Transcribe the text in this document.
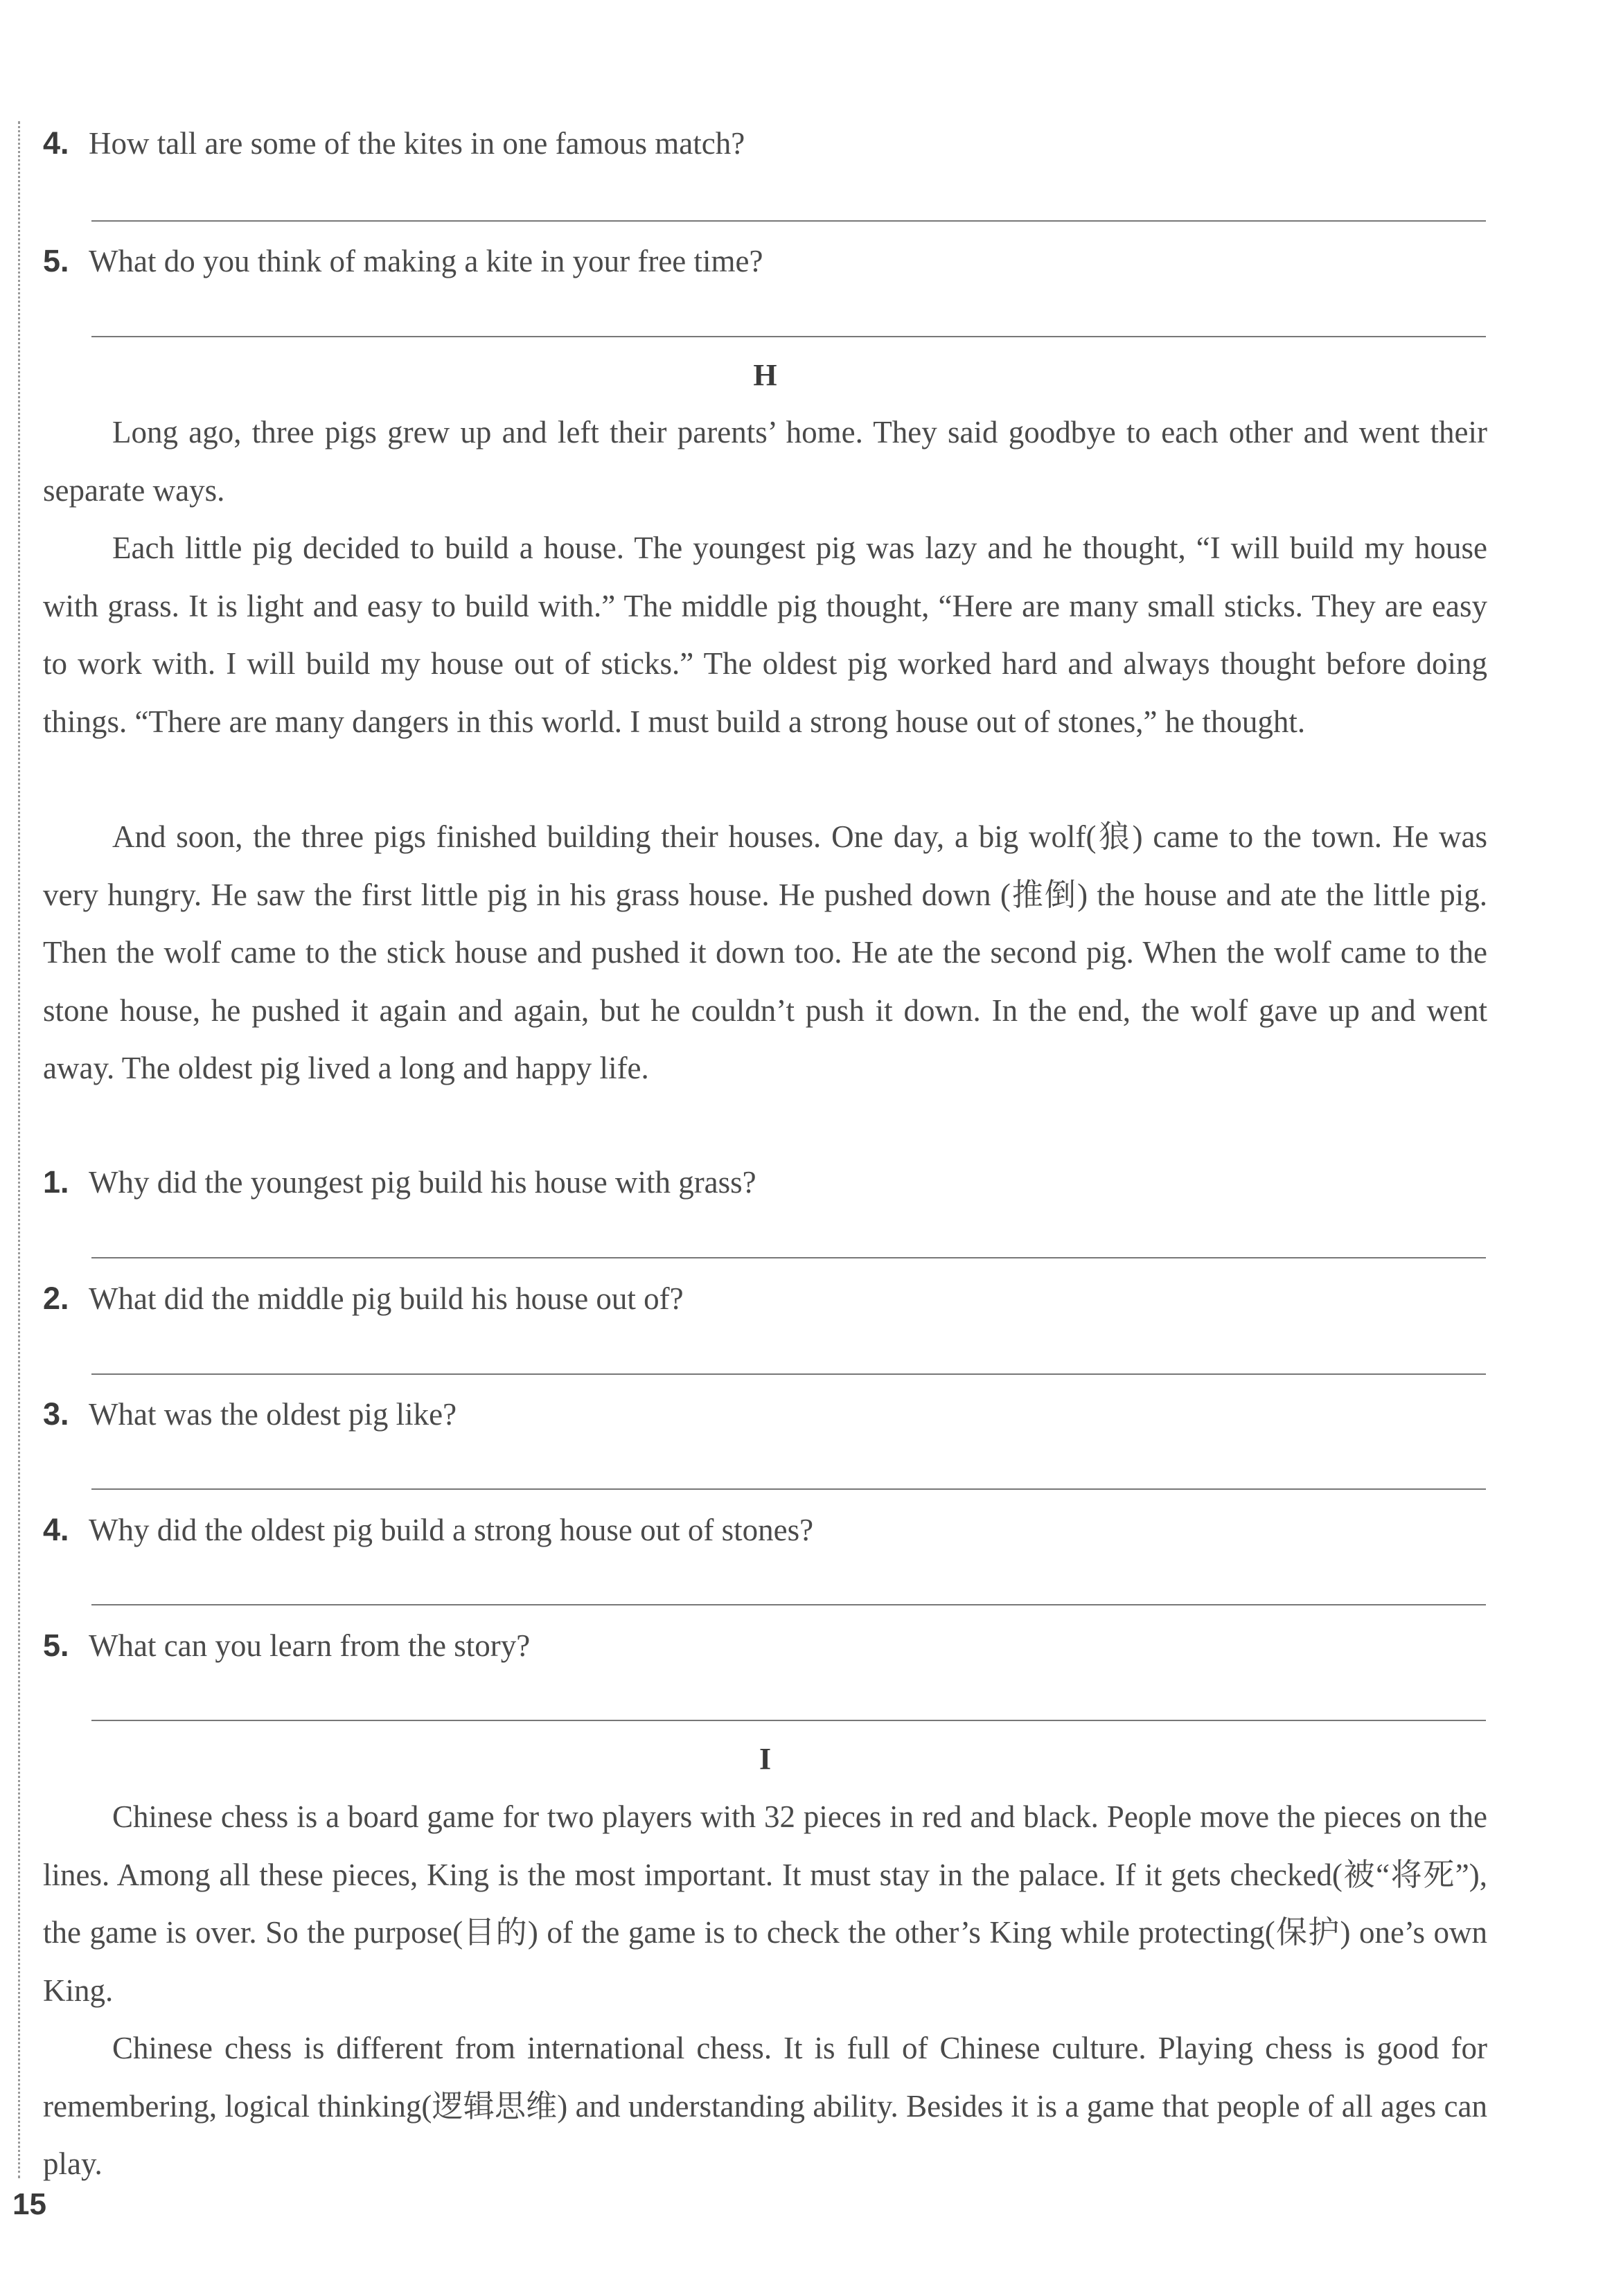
4. How tall are some of the kites in one famous match?
5. What do you think of making a kite in your free time?
H

Long ago, three pigs grew up and left their parents’ home. They said goodbye to each other and went their separate ways.

Each little pig decided to build a house. The youngest pig was lazy and he thought, “I will build my house with grass. It is light and easy to build with.” The middle pig thought, “Here are many small sticks. They are easy to work with. I will build my house out of sticks.” The oldest pig worked hard and always thought before doing things. “There are many dangers in this world. I must build a strong house out of stones,” he thought.

And soon, the three pigs finished building their houses. One day, a big wolf(狼) came to the town. He was very hungry. He saw the first little pig in his grass house. He pushed down (推倒) the house and ate the little pig. Then the wolf came to the stick house and pushed it down too. He ate the second pig. When the wolf came to the stone house, he pushed it again and again, but he couldn’t push it down. In the end, the wolf gave up and went away. The oldest pig lived a long and happy life.

1. Why did the youngest pig build his house with grass?
2. What did the middle pig build his house out of?
3. What was the oldest pig like?
4. Why did the oldest pig build a strong house out of stones?
5. What can you learn from the story?
I

Chinese chess is a board game for two players with 32 pieces in red and black. People move the pieces on the lines. Among all these pieces, King is the most important. It must stay in the palace. If it gets checked(被“将死”), the game is over. So the purpose(目的) of the game is to check the other’s King while protecting(保护) one’s own King.

Chinese chess is different from international chess. It is full of Chinese culture. Playing chess is good for remembering, logical thinking(逻辑思维) and understanding ability. Besides it is a game that people of all ages can play.

15
